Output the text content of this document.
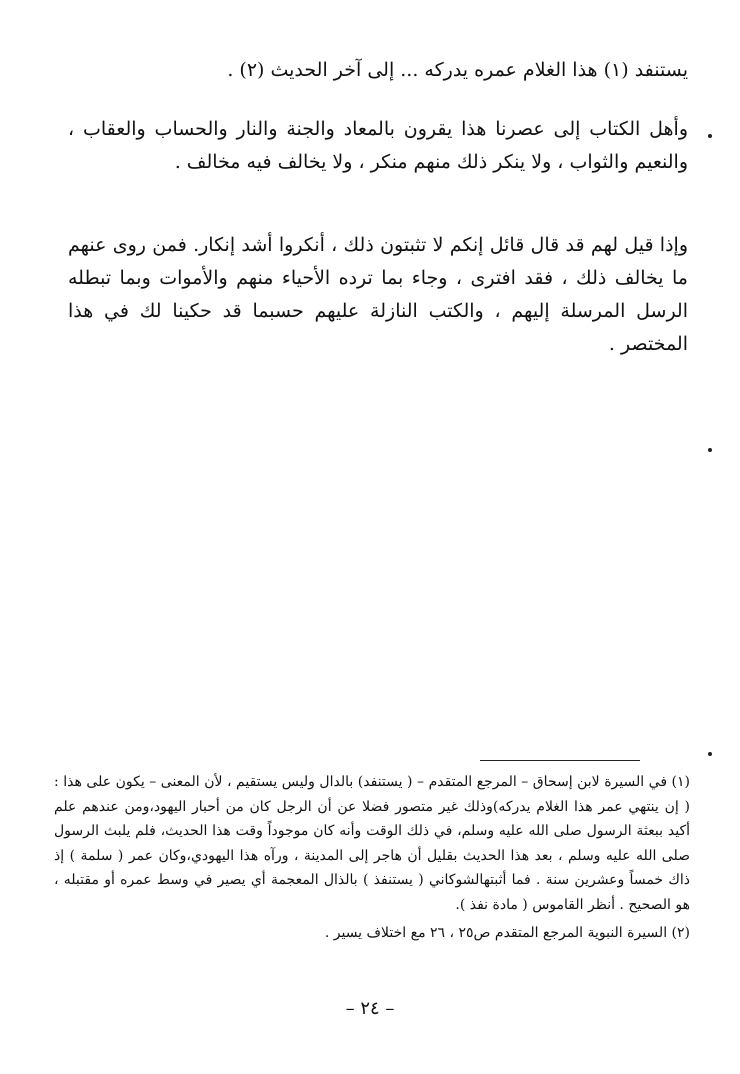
يستنفد (١) هذا الغلام عمره يدركه ... إلى آخر الحديث (٢) .

وأهل الكتاب إلى عصرنا هذا يقرون بالمعاد والجنة والنار والحساب والعقاب ، والنعيم والثواب ، ولا ينكر ذلك منهم منكر ، ولا يخالف فيه مخالف .

وإذا قيل لهم قد قال قائل إنكم لا تثبتون ذلك ، أنكروا أشد إنكار. فمن روى عنهم ما يخالف ذلك ، فقد افترى ، وجاء بما ترده الأحياء منهم والأموات وبما تبطله الرسل المرسلة إليهم ، والكتب النازلة عليهم حسبما قد حكينا لك في هذا المختصر .

(١) في السيرة لابن إسحاق – المرجع المتقدم – ( يستنفد) بالدال وليس يستقيم ، لأن المعنى – يكون على هذا : ( إن ينتهي عمر هذا الغلام يدركه)وذلك غير متصور فضلا عن أن الرجل كان من أحبار اليهود،ومن عندهم علم أكيد ببعثة الرسول صلى الله عليه وسلم، في ذلك الوقت وأنه كان موجوداً وقت هذا الحديث، فلم يلبث الرسول صلى الله عليه وسلم ، بعد هذا الحديث بقليل أن هاجر إلى المدينة ، ورآه هذا اليهودي،وكان عمر ( سلمة ) إذ ذاك خمساً وعشرين سنة . فما أثبتهالشوكاني ( يستنفذ ) بالذال المعجمة أي يصير في وسط عمره أو مقتبله ، هو الصحيح . أنظر القاموس ( مادة نفذ ).

(٢) السيرة النبوية المرجع المتقدم ص٢٥ ، ٢٦ مع اختلاف يسير .

– ٢٤ –
